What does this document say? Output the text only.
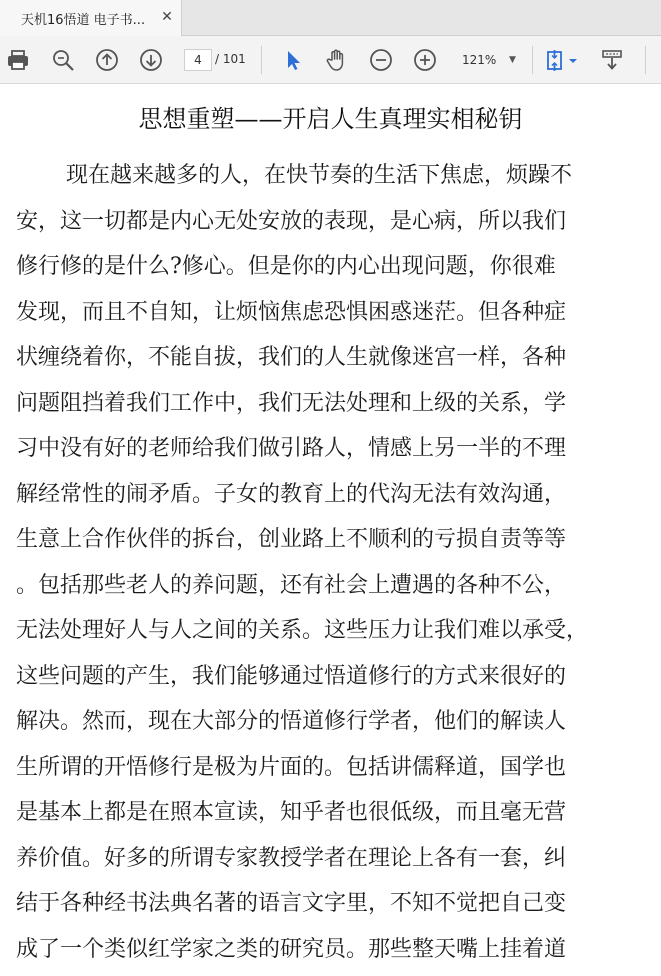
天机16悟道 电子书...	✕
4	/ 101	121% ▼
思想重塑——开启人生真理实相秘钥
现在越来越多的人，在快节奏的生活下焦虑，烦躁不
安，这一切都是内心无处安放的表现，是心病，所以我们
修行修的是什么?修心。但是你的内心出现问题，你很难
发现，而且不自知，让烦恼焦虑恐惧困惑迷茫。但各种症
状缠绕着你，不能自拔，我们的人生就像迷宫一样，各种
问题阻挡着我们工作中，我们无法处理和上级的关系，学
习中没有好的老师给我们做引路人，情感上另一半的不理
解经常性的闹矛盾。子女的教育上的代沟无法有效沟通，
生意上合作伙伴的拆台，创业路上不顺利的亏损自责等等
。包括那些老人的养问题，还有社会上遭遇的各种不公，
无法处理好人与人之间的关系。这些压力让我们难以承受，
这些问题的产生，我们能够通过悟道修行的方式来很好的
解决。然而，现在大部分的悟道修行学者，他们的解读人
生所谓的开悟修行是极为片面的。包括讲儒释道，国学也
是基本上都是在照本宣读，知乎者也很低级，而且毫无营
养价值。好多的所谓专家教授学者在理论上各有一套，纠
结于各种经书法典名著的语言文字里，不知不觉把自己变
成了一个类似红学家之类的研究员。那些整天嘴上挂着道
